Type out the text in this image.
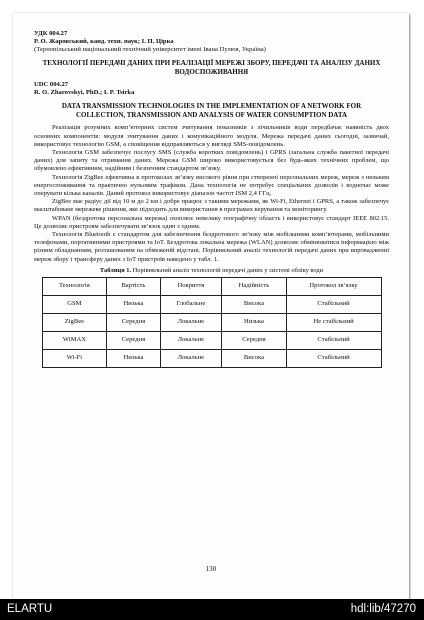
УДК 004.27

Р. О. Жаровський, канд. техн. наук; І. П. Цірка

(Тернопільський національний технічний університет імені Івана Пулюя, Україна)

ТЕХНОЛОГІЇ ПЕРЕДАЧІ ДАНИХ ПРИ РЕАЛІЗАЦІЇ МЕРЕЖІ ЗБОРУ, ПЕРЕДАЧІ ТА АНАЛІЗУ ДАНИХ ВОДОСПОЖИВАННЯ

UDC 004.27

R. O. Zharovskyi, PhD.; I. P. Tsirka

DATA TRANSMISSION TECHNOLOGIES IN THE IMPLEMENTATION OF A NETWORK FOR COLLECTION, TRANSMISSION AND ANALYSIS OF WATER CONSUMPTION DATA

Реалізація розумних комп’ютерних систем зчитування показників з лічильників води передбачає наявність двох основних компонентів: модуля зчитування даних і комунікаційного модуля. Мережа передачі даних сьогодні, зазвичай, використовує технологію GSM, а сповіщення відправляються у вигляді SMS-повідомлень.

Технологія GSM забезпечує послугу SMS (служба коротких повідомлень) і GPRS (загальна служба пакетної передачі даних) для запиту та отримання даних. Мережа GSM широко використовується без будь-яких технічних проблем, що обумовлено ефективним, надійним і безпечним стандартом зв’язку.

Технологія ZigBee ефективна в протоколах зв’язку високого рівня при створенні персональних мереж, мереж з низьким енергоспоживання та практично нульовим трафіком. Дана технологія не потребує спеціальних дозволів і водночас може оперувати кілька каналів. Даний протокол використовує діапазон частот ISM 2,4 ГГц.

ZigBee має радіус дії від 10 м до 2 км і добре працює з такими мережами, як Wi-Fi, Ethernet і GPRS, а також забезпечує масштабоване мережеве рішення, яке підходить для використання в програмах керування та моніторингу.

WPAN (бездротова персональна мережа) охоплює невелику географічну область і використовує стандарт IEEE 802.15. Це дозволяє пристроям забезпечувати зв’язок один з одним.

Технологія Bluetooth є стандартом для забезпечення бездротового зв’язку між мобільними комп’ютерами, мобільними телефонами, портативними пристроями та IoT. Бездротова локальна мережа (WLAN) дозволяє обмінюватися інформацією між різним обладнанням, розташованим на обмеженій відстані. Порівняльний аналіз технологій передачі даних при впровадженні мереж збору і трансферу даних з IoT пристроїв наведено у табл. 1.

Таблиця 1. Порівняльний аналіз технологій передачі даних у системі обліку води

Технологія	Вартість	Покриття	Надійність	Протокол зв’язку
GSM	Низька	Глобальне	Висока	Стабільний
ZigBee	Середня	Локальне	Низька	Не стабільний
WiMAX	Середня	Локальне	Середня	Стабільний
Wi-Fi	Низька	Локальне	Висока	Стабільний
130
ELARTU	hdl:lib/47270
